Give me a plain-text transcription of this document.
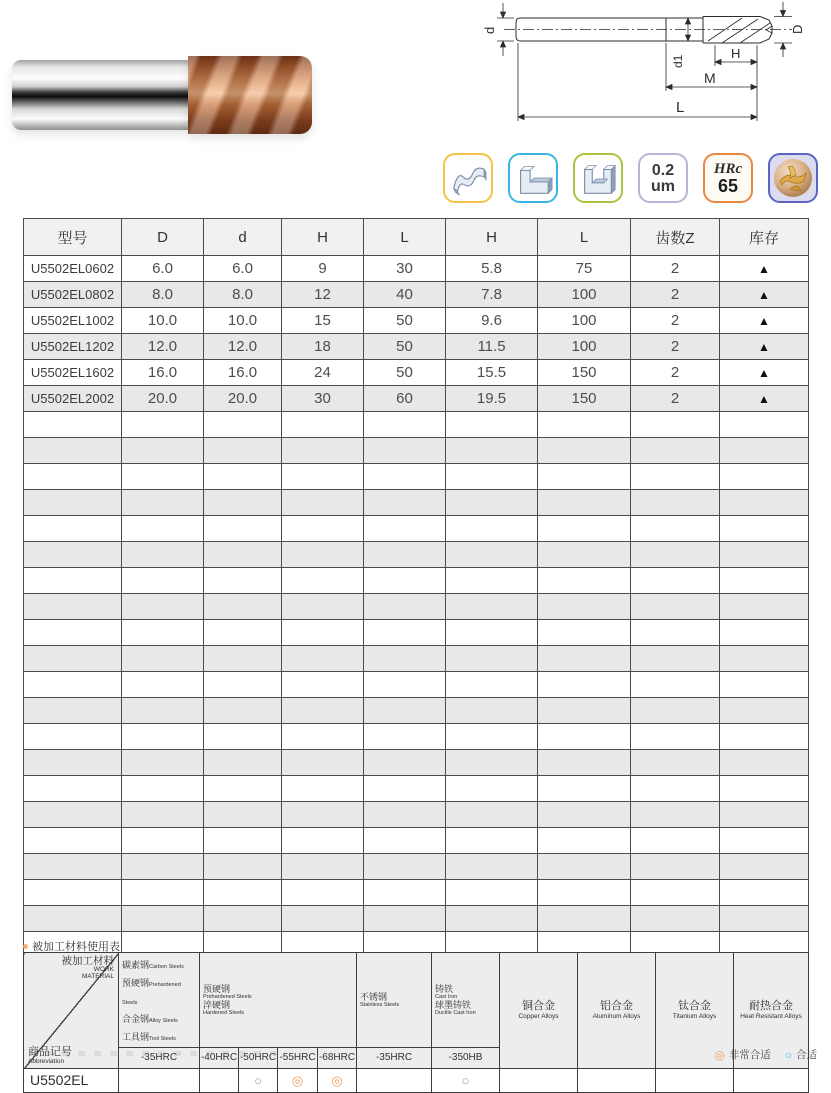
d	D
d1
H
M
L
0.2
um
HRc
65
型号	D	d	H	L	H	L	齿数Z	库存
U5502EL0602	6.0	6.0	9	30	5.8	75	2	▲
U5502EL0802	8.0	8.0	12	40	7.8	100	2	▲
U5502EL1002	10.0	10.0	15	50	9.6	100	2	▲
U5502EL1202	12.0	12.0	18	50	11.5	100	2	▲
U5502EL1602	16.0	16.0	24	50	15.5	150	2	▲
U5502EL2002	20.0	20.0	30	60	19.5	150	2	▲

被加工材料使用表
被加工材料
WORK
MATERIAL
商品记号
Abbreviation

碳素钢Carbon Steels
预硬钢Prehardened Steels
合金钢Alloy Steels
工具钢Tool Steels

预硬钢
Prehardened Steels
淬硬钢
Hardened Steels

不锈钢
Stainless Steels

铸铁
Cast Iron
球墨铸铁
Ductile Cast Iron

铜合金
Copper Alloys

铝合金
Aluminum Alloys

钛合金
Titanium Alloys

耐热合金
Heat Resistant Alloys

	-35HRC	-40HRC	-50HRC	-55HRC	-68HRC	-35HRC	-350HB				
U5502EL			○	◎	◎		○				
◎ 非常合适 ○ 合适
